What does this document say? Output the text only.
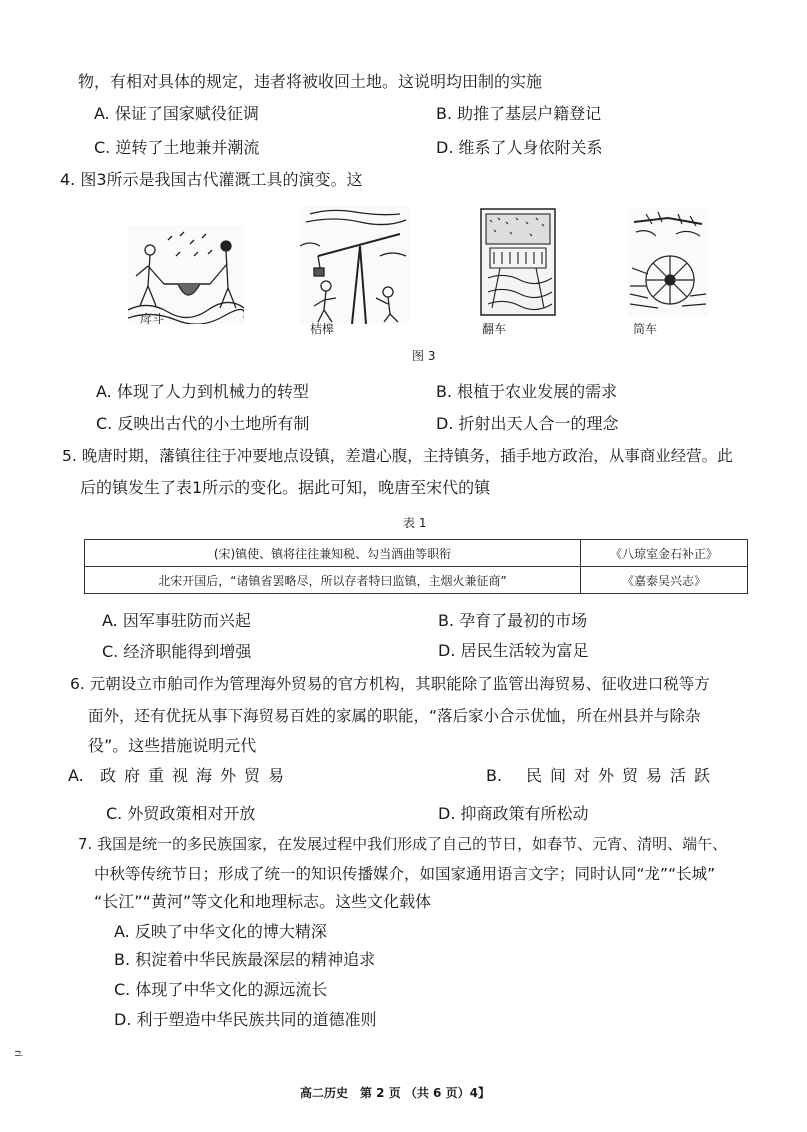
物，有相对具体的规定，违者将被收回土地。这说明均田制的实施
A. 保证了国家赋役征调	B. 助推了基层户籍登记
C. 逆转了土地兼并潮流	D. 维系了人身依附关系
4. 图3所示是我国古代灌溉工具的演变。这
戽斗
桔槔	翻车	筒车
图 3
A. 体现了人力到机械力的转型	B. 根植于农业发展的需求
C. 反映出古代的小土地所有制	D. 折射出天人合一的理念
5. 晚唐时期，藩镇往往于冲要地点设镇，差遣心腹，主持镇务，插手地方政治，从事商业经营。此
后的镇发生了表1所示的变化。据此可知，晚唐至宋代的镇
表 1
(宋)镇使、镇将往往兼知税、勾当酒曲等职衔	《八琼室金石补正》
北宋开国后，“诸镇省罢略尽，所以存者特曰监镇，主烟火兼征商”	《嘉泰吴兴志》
A. 因军事驻防而兴起	B. 孕育了最初的市场
C. 经济职能得到增强	D. 居民生活较为富足
6. 元朝设立市舶司作为管理海外贸易的官方机构，其职能除了监管出海贸易、征收进口税等方
面外，还有优抚从事下海贸易百姓的家属的职能，“落后家小合示优恤，所在州县并与除杂
役”。这些措施说明元代
A. 政府重视海外贸易	B. 民间对外贸易活跃
C. 外贸政策相对开放	D. 抑商政策有所松动
7. 我国是统一的多民族国家，在发展过程中我们形成了自己的节日，如春节、元宵、清明、端午、
中秋等传统节日；形成了统一的知识传播媒介，如国家通用语言文字；同时认同“龙”“长城”
“长江”“黄河”等文化和地理标志。这些文化载体
A. 反映了中华文化的博大精深
B. 积淀着中华民族最深层的精神追求
C. 体现了中华文化的源远流长
D. 利于塑造中华民族共同的道德准则
ri
高二历史　第 2 页 （共 6 页）4】
